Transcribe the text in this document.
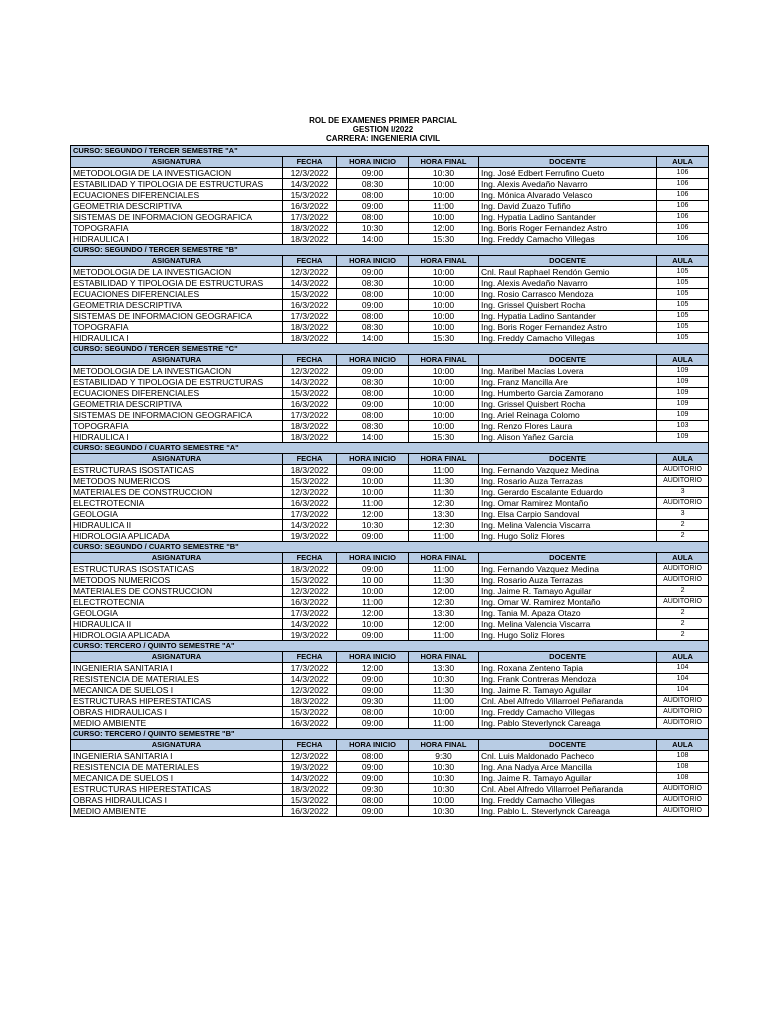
ROL DE EXAMENES PRIMER PARCIAL
GESTION I/2022
CARRERA: INGENIERIA CIVIL
CURSO: SEGUNDO / TERCER SEMESTRE "A"					
ASIGNATURA	FECHA	HORA INICIO	HORA FINAL	DOCENTE	AULA
METODOLOGIA DE LA INVESTIGACION	12/3/2022	09:00	10:30	Ing. José Edbert Ferrufino Cueto	106
ESTABILIDAD Y TIPOLOGIA DE ESTRUCTURAS	14/3/2022	08:30	10:00	Ing. Alexis Avedaño Navarro	106
ECUACIONES DIFERENCIALES	15/3/2022	08:00	10:00	Ing. Mónica Alvarado Velasco	106
GEOMETRIA DESCRIPTIVA	16/3/2022	09:00	11:00	Ing. David Zuazo Tufiño	106
SISTEMAS DE INFORMACION GEOGRAFICA	17/3/2022	08:00	10:00	Ing. Hypatia Ladino Santander	106
TOPOGRAFIA	18/3/2022	10:30	12:00	Ing. Boris Roger Fernandez Astro	106
HIDRAULICA I	18/3/2022	14:00	15:30	Ing. Freddy Camacho Villegas	106
CURSO: SEGUNDO / TERCER SEMESTRE "B"					
ASIGNATURA	FECHA	HORA INICIO	HORA FINAL	DOCENTE	AULA
METODOLOGIA DE LA INVESTIGACION	12/3/2022	09:00	10:00	Cnl. Raul Raphael Rendón Gemio	105
ESTABILIDAD Y TIPOLOGIA DE ESTRUCTURAS	14/3/2022	08:30	10:00	Ing. Alexis Avedaño Navarro	105
ECUACIONES DIFERENCIALES	15/3/2022	08:00	10:00	Ing. Rosio Carrasco Mendoza	105
GEOMETRIA DESCRIPTIVA	16/3/2022	09:00	10:00	Ing. Grissel Quisbert Rocha	105
SISTEMAS DE INFORMACION GEOGRAFICA	17/3/2022	08:00	10:00	Ing. Hypatia Ladino Santander	105
TOPOGRAFIA	18/3/2022	08:30	10:00	Ing. Boris Roger Fernandez Astro	105
HIDRAULICA I	18/3/2022	14:00	15:30	Ing. Freddy Camacho Villegas	105
CURSO: SEGUNDO / TERCER SEMESTRE "C"					
ASIGNATURA	FECHA	HORA INICIO	HORA FINAL	DOCENTE	AULA
METODOLOGIA DE LA INVESTIGACION	12/3/2022	09:00	10:00	Ing. Maribel Macías Lovera	109
ESTABILIDAD Y TIPOLOGIA DE ESTRUCTURAS	14/3/2022	08:30	10:00	Ing. Franz Mancilla Are	109
ECUACIONES DIFERENCIALES	15/3/2022	08:00	10:00	Ing. Humberto Garcia Zamorano	109
GEOMETRIA DESCRIPTIVA	16/3/2022	09:00	10:00	Ing. Grissel Quisbert Rocha	109
SISTEMAS DE INFORMACION GEOGRAFICA	17/3/2022	08:00	10:00	Ing. Ariel Reinaga Colomo	109
TOPOGRAFIA	18/3/2022	08:30	10:00	Ing. Renzo Flores Laura	103
HIDRAULICA I	18/3/2022	14:00	15:30	Ing. Alison Yañez Garcia	109
CURSO: SEGUNDO / CUARTO SEMESTRE "A"					
ASIGNATURA	FECHA	HORA INICIO	HORA FINAL	DOCENTE	AULA
ESTRUCTURAS ISOSTATICAS	18/3/2022	09:00	11:00	Ing. Fernando Vazquez Medina	AUDITORIO
METODOS NUMERICOS	15/3/2022	10:00	11:30	Ing. Rosario Auza Terrazas	AUDITORIO
MATERIALES DE CONSTRUCCION	12/3/2022	10:00	11:30	Ing. Gerardo Escalante Eduardo	3
ELECTROTECNIA	16/3/2022	11:00	12:30	Ing. Omar Ramirez Montaño	AUDITORIO
GEOLOGIA	17/3/2022	12:00	13:30	Ing. Elsa Carpio Sandoval	3
HIDRAULICA II	14/3/2022	10:30	12:30	Ing. Melina Valencia Viscarra	2
HIDROLOGIA APLICADA	19/3/2022	09:00	11:00	Ing. Hugo Soliz Flores	2
CURSO: SEGUNDO / CUARTO SEMESTRE "B"					
ASIGNATURA	FECHA	HORA INICIO	HORA FINAL	DOCENTE	AULA
ESTRUCTURAS ISOSTATICAS	18/3/2022	09:00	11:00	Ing. Fernando Vazquez Medina	AUDITORIO
METODOS NUMERICOS	15/3/2022	10 00	11:30	Ing. Rosario Auza Terrazas	AUDITORIO
MATERIALES DE CONSTRUCCION	12/3/2022	10:00	12:00	Ing. Jaime R. Tamayo Aguilar	2
ELECTROTECNIA	16/3/2022	11:00	12:30	Ing. Omar W. Ramirez Montaño	AUDITORIO
GEOLOGIA	17/3/2022	12:00	13:30	Ing. Tania M. Apaza Otazo	2
HIDRAULICA II	14/3/2022	10:00	12:00	Ing. Melina Valencia Viscarra	2
HIDROLOGIA APLICADA	19/3/2022	09:00	11:00	Ing. Hugo Soliz Flores	2
CURSO: TERCERO / QUINTO SEMESTRE "A"					
ASIGNATURA	FECHA	HORA INICIO	HORA FINAL	DOCENTE	AULA
INGENIERIA SANITARIA I	17/3/2022	12:00	13:30	Ing. Roxana Zenteno Tapia	104
RESISTENCIA DE MATERIALES	14/3/2022	09:00	10:30	Ing. Frank Contreras Mendoza	104
MECANICA DE SUELOS I	12/3/2022	09:00	11:30	Ing. Jaime R. Tamayo Aguilar	104
ESTRUCTURAS HIPERESTATICAS	18/3/2022	09:30	11:00	Cnl. Abel Alfredo Villarroel Peñaranda	AUDITORIO
OBRAS HIDRAULICAS I	15/3/2022	08:00	10:00	Ing. Freddy Camacho Villegas	AUDITORIO
MEDIO AMBIENTE	16/3/2022	09:00	11:00	Ing. Pablo Steverlynck Careaga	AUDITORIO
CURSO: TERCERO / QUINTO SEMESTRE "B"					
ASIGNATURA	FECHA	HORA INICIO	HORA FINAL	DOCENTE	AULA
INGENIERIA SANITARIA I	12/3/2022	08:00	9:30	Cnl. Luis Maldonado Pacheco	108
RESISTENCIA DE MATERIALES	19/3/2022	09:00	10:30	Ing. Ana Nadya Arce Mancilla	108
MECANICA DE SUELOS I	14/3/2022	09:00	10:30	Ing. Jaime R. Tamayo Aguilar	108
ESTRUCTURAS HIPERESTATICAS	18/3/2022	09:30	10:30	Cnl. Abel Alfredo Villarroel Peñaranda	AUDITORIO
OBRAS HIDRAULICAS I	15/3/2022	08:00	10:00	Ing. Freddy Camacho Villegas	AUDITORIO
MEDIO AMBIENTE	16/3/2022	09:00	10:30	Ing. Pablo L. Steverlynck Careaga	AUDITORIO
